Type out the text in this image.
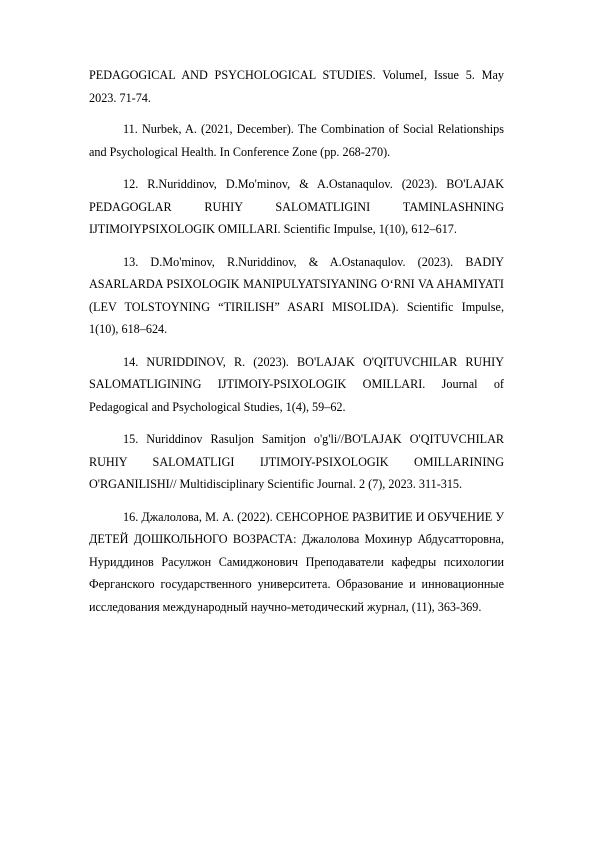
PEDAGOGICAL AND PSYCHOLOGICAL STUDIES. VolumeI, Issue 5. May 2023. 71-74.

11. Nurbek, A. (2021, December). The Combination of Social Relationships and Psychological Health. In Conference Zone (pp. 268-270).

12. R.Nuriddinov, D.Mo'minov, & A.Ostanaqulov. (2023). BO'LAJAK PEDAGOGLAR RUHIY SALOMATLIGINI TAMINLASHNING IJTIMOIYPSIXOLOGIK OMILLARI. Scientific Impulse, 1(10), 612–617.

13. D.Mo'minov, R.Nuriddinov, & A.Ostanaqulov. (2023). BADIY ASARLARDA PSIXOLOGIK MANIPULYATSIYANING O‘RNI VA AHAMIYATI (LEV TOLSTOYNING “TIRILISH” ASARI MISOLIDA). Scientific Impulse, 1(10), 618–624.

14. NURIDDINOV, R. (2023). BO'LAJAK O'QITUVCHILAR RUHIY SALOMATLIGINING IJTIMOIY-PSIXOLOGIK OMILLARI. Journal of Pedagogical and Psychological Studies, 1(4), 59–62.

15. Nuriddinov Rasuljon Samitjon o'g'li//BO'LAJAK O'QITUVCHILAR RUHIY SALOMATLIGI IJTIMOIY-PSIXOLOGIK OMILLARINING O'RGANILISHI// Multidisciplinary Scientific Journal. 2 (7), 2023. 311-315.

16. Джалолова, М. А. (2022). СЕНСОРНОЕ РАЗВИТИЕ И ОБУЧЕНИЕ У ДЕТЕЙ ДОШКОЛЬНОГО ВОЗРАСТА: Джалолова Мохинур Абдусатторовна, Нуриддинов Расулжон Самиджонович Преподаватели кафедры психологии Ферганского государственного университета. Образование и инновационные исследования международный научно-методический журнал, (11), 363-369.
